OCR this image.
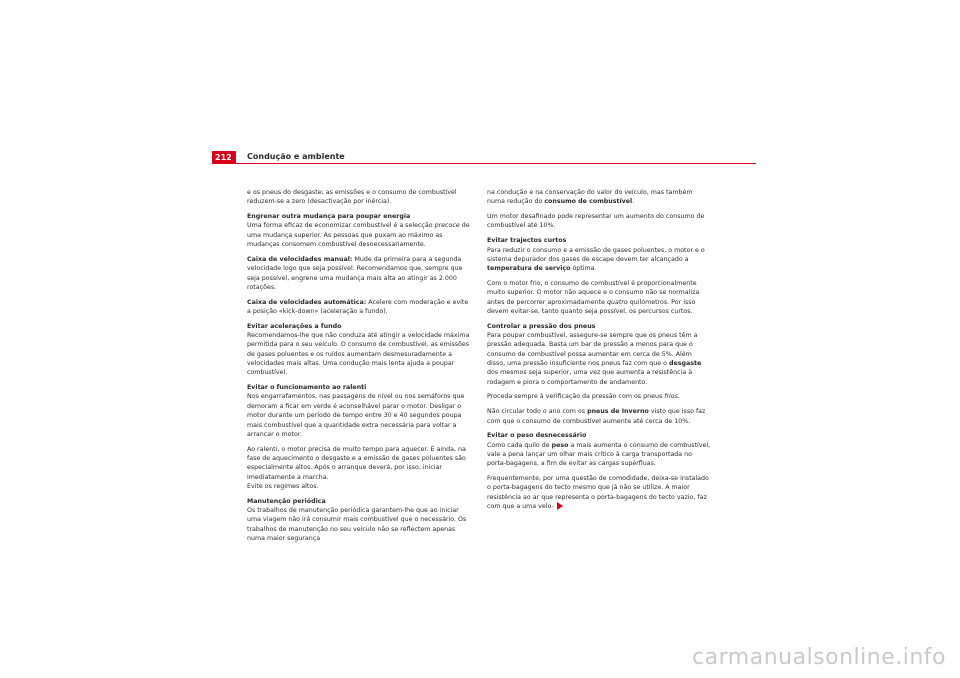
212	Condução e ambiente

e os pneus do desgaste; as emissões e o consumo de combustível reduzem-se a zero (desactivação por inércia).

Engrenar outra mudança para poupar energia
Uma forma eficaz de economizar combustível é a selecção precoce de uma mudança superior. As pessoas que puxam ao máximo as mudanças consomem combustível desnecessariamente.

Caixa de velocidades manual: Mude da primeira para a segunda velocidade logo que seja possível. Recomendamos que, sempre que seja possível, engrene uma mudança mais alta ao atingir as 2.000 rotações.

Caixa de velocidades automática: Acelere com moderação e evite a posição «kick-down» (aceleração a fundo).

Evitar acelerações a fundo
Recomendamos-lhe que não conduza até atingir a velocidade máxima permitida para o seu veículo. O consumo de combustível, as emissões de gases poluentes e os ruídos aumentam desmesuradamente a velocidades mais altas. Uma condução mais lenta ajuda a poupar combustível.

Evitar o funcionamento ao ralenti
Nos engarrafamentos, nas passagens de nível ou nos semáforos que demoram a ficar em verde é aconselhável parar o motor. Desligar o motor durante um período de tempo entre 30 e 40 segundos poupa mais combustível que a quantidade extra necessária para voltar a arrancar o motor.

Ao ralenti, o motor precisa de muito tempo para aquecer. E ainda, na fase de aquecimento o desgaste e a emissão de gases poluentes são especialmente altos. Após o arranque deverá, por isso, iniciar imediatamente a marcha.
Evite os regimes altos.

Manutenção periódica
Os trabalhos de manutenção periódica garantem-lhe que ao iniciar uma viagem não irá consumir mais combustível que o necessário. Os trabalhos de manutenção no seu veículo não se reflectem apenas numa maior segurança

na condução e na conservação do valor do veículo, mas também numa redução do consumo de combustível.

Um motor desafinado pode representar um aumento do consumo de combustível até 10%.

Evitar trajectos curtos
Para reduzir o consumo e a emissão de gases poluentes, o motor e o sistema depurador dos gases de escape devem ter alcançado a temperatura de serviço óptima.

Com o motor frio, o consumo de combustível é proporcionalmente muito superior. O motor não aquece e o consumo não se normaliza antes de percorrer aproximadamente quatro quilómetros. Por isso devem evitar-se, tanto quanto seja possível, os percursos curtos.

Controlar a pressão dos pneus
Para poupar combustível, assegure-se sempre que os pneus têm a pressão adequada. Basta um bar de pressão a menos para que o consumo de combustível possa aumentar em cerca de 5%. Além disso, uma pressão insuficiente nos pneus faz com que o desgaste dos mesmos seja superior, uma vez que aumenta a resistência à rodagem e piora o comportamento de andamento.

Proceda sempre à verificação da pressão com os pneus frios.

Não circular todo o ano com os pneus de Inverno visto que isso faz com que o consumo de combustível aumente até cerca de 10%.

Evitar o peso desnecessário
Como cada quilo de peso a mais aumenta o consumo de combustível, vale a pena lançar um olhar mais crítico à carga transportada no porta-bagagens, a fim de evitar as cargas supérfluas.

Frequentemente, por uma questão de comodidade, deixa-se instalado o porta-bagagens do tecto mesmo que já não se utilize. A maior resistência ao ar que representa o porta-bagagens do tecto vazio, faz com que a uma velo-

carmanualsonline.info
